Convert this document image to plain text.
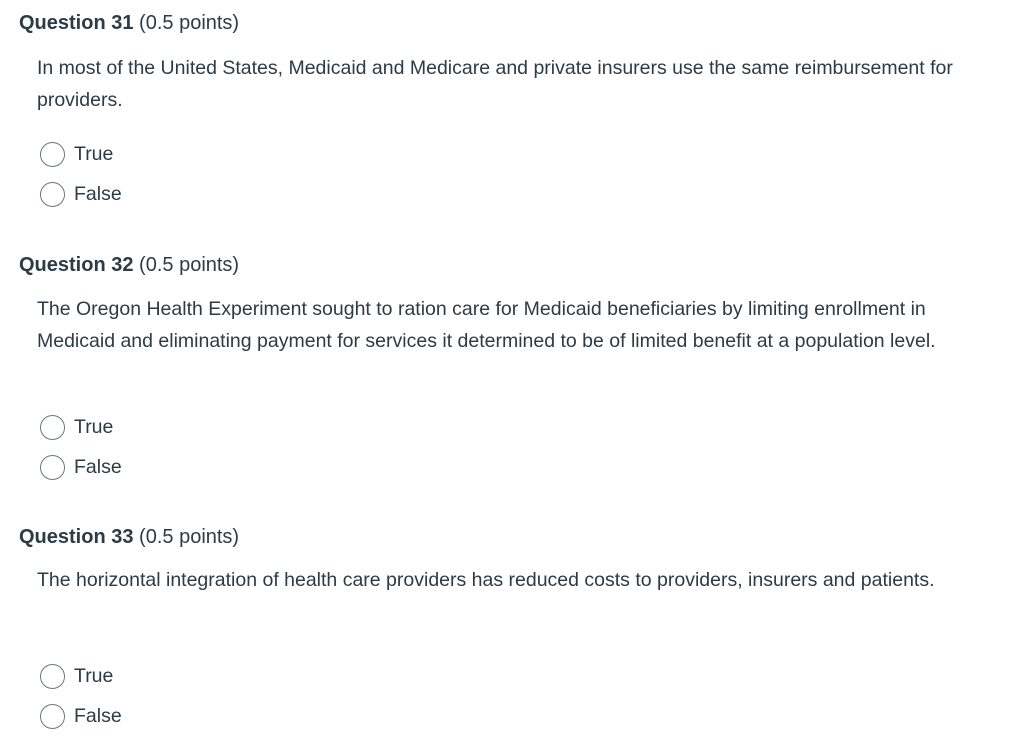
Question 31 (0.5 points)
In most of the United States, Medicaid and Medicare and private insurers use the same reimbursement for providers.
True
False
Question 32 (0.5 points)
The Oregon Health Experiment sought to ration care for Medicaid beneficiaries by limiting enrollment in Medicaid and eliminating payment for services it determined to be of limited benefit at a population level.
True
False
Question 33 (0.5 points)
The horizontal integration of health care providers has reduced costs to providers, insurers and patients.
True
False
